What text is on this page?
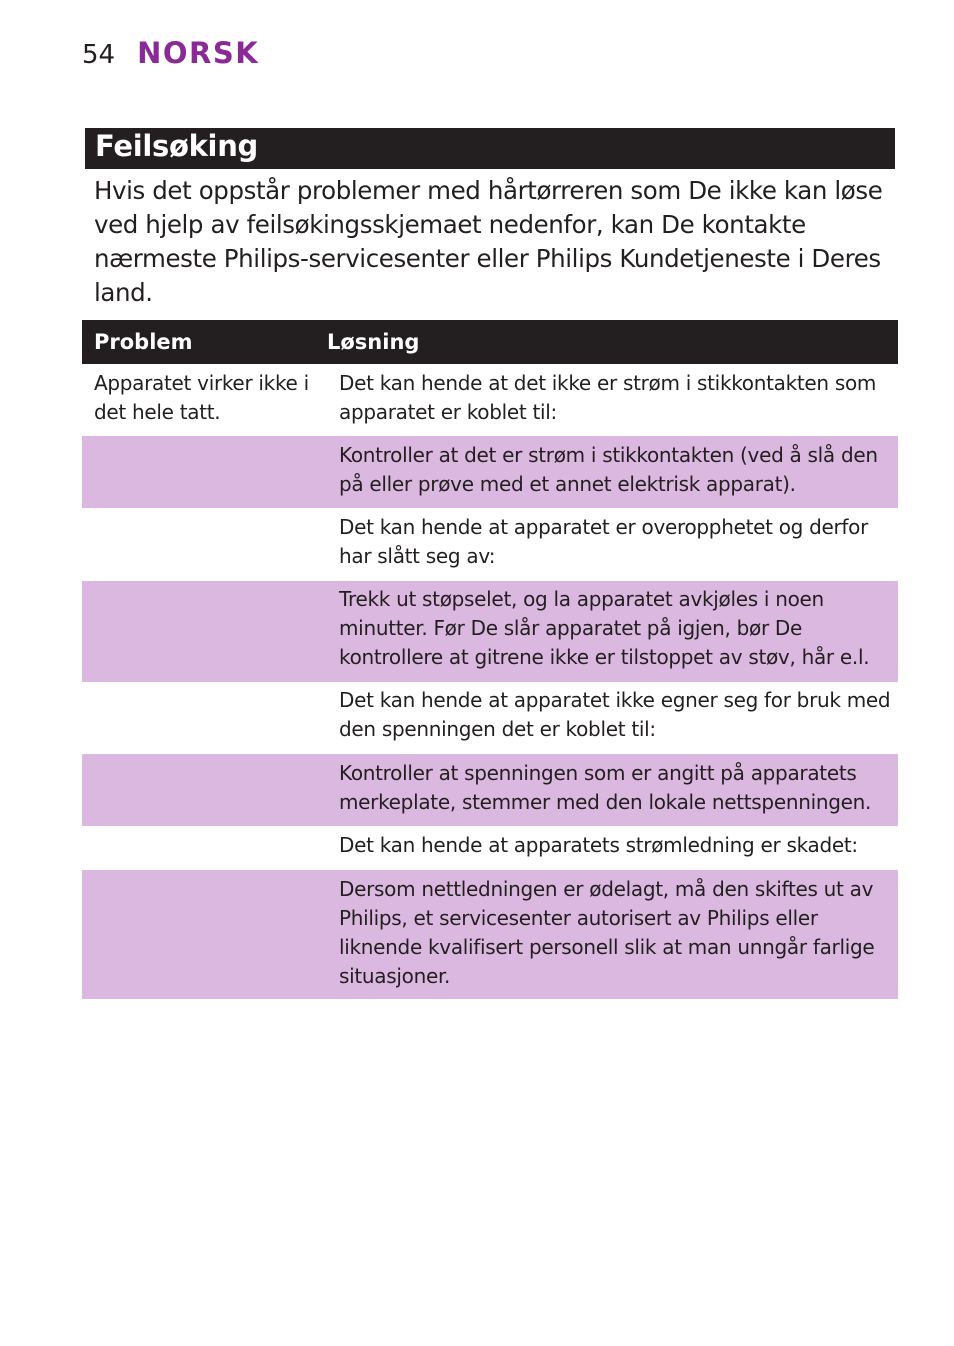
54 NORSK
Feilsøking

Hvis det oppstår problemer med hårtørreren som De ikke kan løse ved hjelp av feilsøkingsskjemaet nedenfor, kan De kontakte nærmeste Philips-servicesenter eller Philips Kundetjeneste i Deres land.

Problem	Løsning
Apparatet virker ikke i det hele tatt.
Det kan hende at det ikke er strøm i stikkontakten som apparatet er koblet til:
Kontroller at det er strøm i stikkontakten (ved å slå den på eller prøve med et annet elektrisk apparat).
Det kan hende at apparatet er overopphetet og derfor har slått seg av:
Trekk ut støpselet, og la apparatet avkjøles i noen minutter. Før De slår apparatet på igjen, bør De kontrollere at gitrene ikke er tilstoppet av støv, hår e.l.
Det kan hende at apparatet ikke egner seg for bruk med den spenningen det er koblet til:
Kontroller at spenningen som er angitt på apparatets merkeplate, stemmer med den lokale nettspenningen.
Det kan hende at apparatets strømledning er skadet:
Dersom nettledningen er ødelagt, må den skiftes ut av Philips, et servicesenter autorisert av Philips eller liknende kvalifisert personell slik at man unngår farlige situasjoner.
